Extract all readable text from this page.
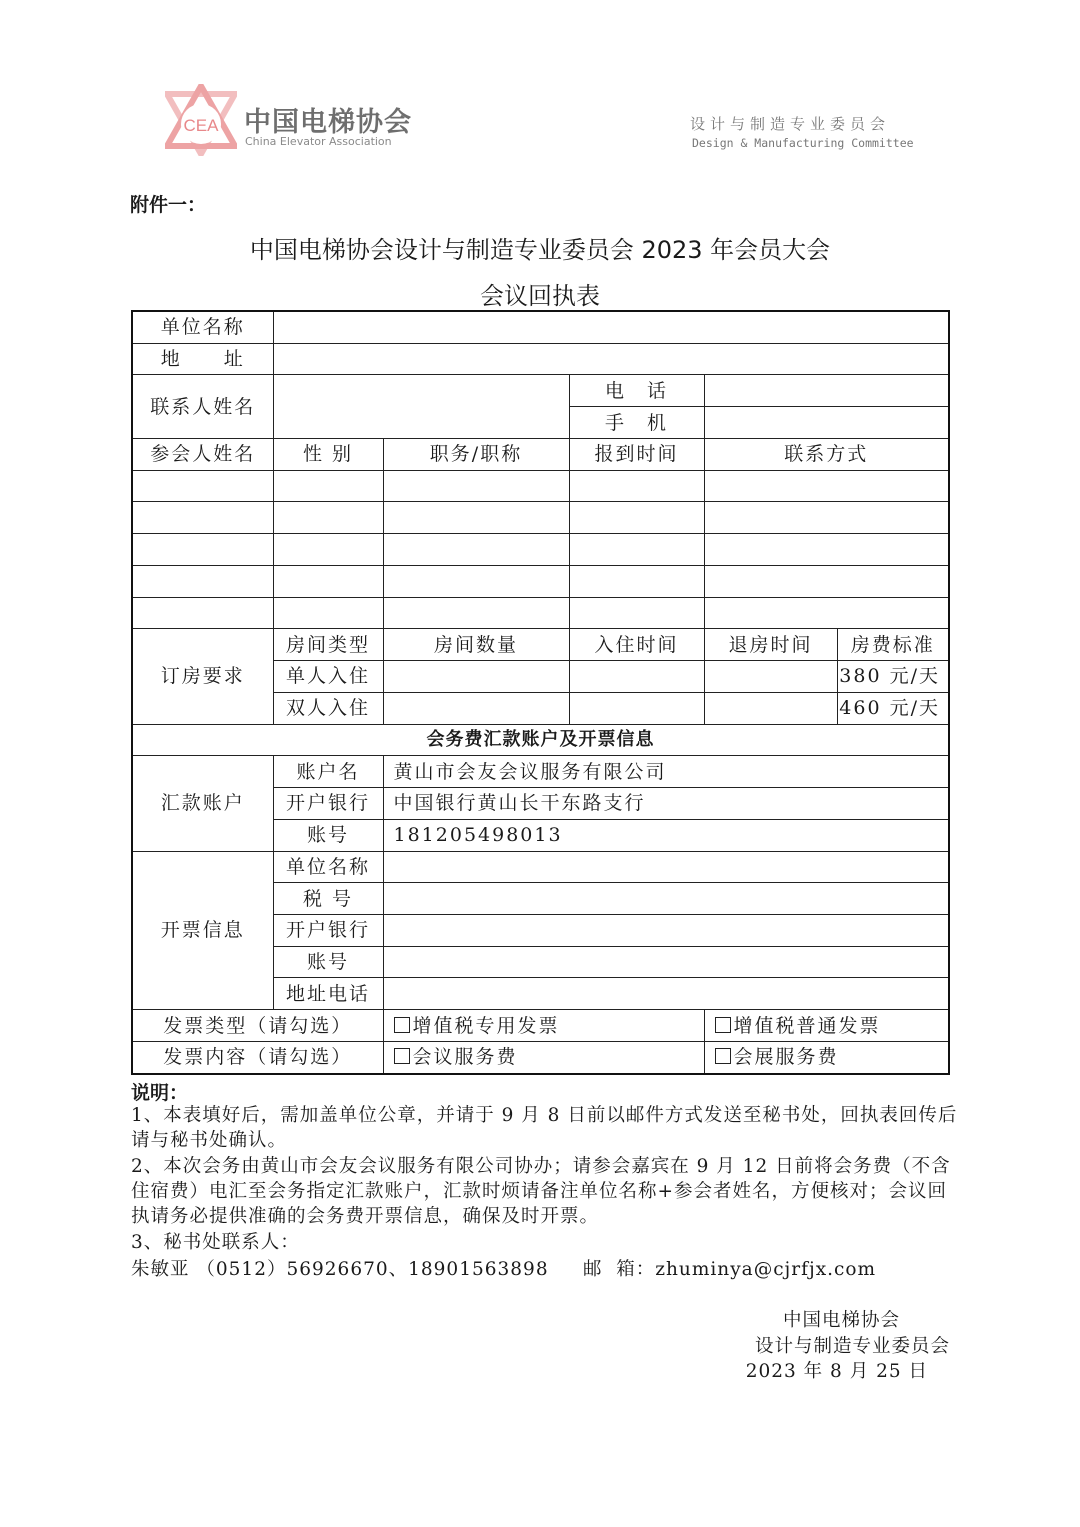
CEA 中国电梯协会
China Elevator Association
设计与制造专业委员会
Design & Manufacturing Committee
附件一：
中国电梯协会设计与制造专业委员会 2023 年会员大会
会议回执表
单位名称					
地　　址					
联系人姓名			电　话		
			手　机		
参会人姓名	性 别	职务/职称	报到时间	联系方式	

订房要求	房间类型	房间数量	入住时间	退房时间	房费标准
	单人入住				380 元/天
	双人入住				460 元/天
会务费汇款账户及开票信息					
汇款账户	账户名	黄山市会友会议服务有限公司			
	开户银行	中国银行黄山长干东路支行			
	账号	181205498013			
开票信息	单位名称				
	税 号				
	开户银行				
	账号				
	地址电话				
发票类型（请勾选）		增值税专用发票		增值税普通发票	
发票内容（请勾选）		会议服务费		会展服务费	
说明：
1、本表填好后，需加盖单位公章，并请于 9 月 8 日前以邮件方式发送至秘书处，回执表回传后请与秘书处确认。
2、本次会务由黄山市会友会议服务有限公司协办；请参会嘉宾在 9 月 12 日前将会务费（不含住宿费）电汇至会务指定汇款账户，汇款时烦请备注单位名称+参会者姓名，方便核对；会议回执请务必提供准确的会务费开票信息，确保及时开票。
3、秘书处联系人：
朱敏亚 （0512）56926670、18901563898     邮  箱：zhuminya@cjrfjx.com
中国电梯协会
设计与制造专业委员会
2023 年 8 月 25 日
